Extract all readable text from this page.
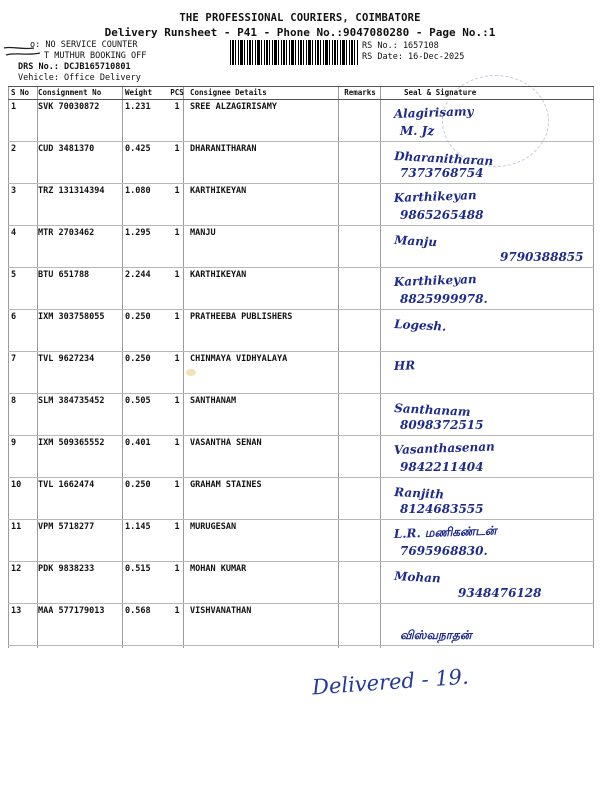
THE PROFESSIONAL COURIERS, COIMBATORE
Delivery Runsheet - P41 - Phone No.:9047080280 - Page No.:1
o: NO SERVICE COUNTER
T MUTHUR BOOKING OFF
DRS No.: DCJB165710801
Vehicle: Office Delivery
RS No.: 1657108
RS Date: 16-Dec-2025
S No	Consignment No	Weight	PCS Consignee Details	Remarks	Seal & Signature
1	SVK 70030872	1.231	1	SREE ALZAGIRISAMY	Alagirisamy
M. Jz
2	CUD 3481370	0.425	1	DHARANITHARAN
Dharanitharan
7373768754
3	TRZ 131314394	1.080	1	KARTHIKEYAN	Karthikeyan
9865265488
4	MTR 2703462	1.295	1	MANJU
Manju
9790388855
5	BTU 651788	2.244	1	KARTHIKEYAN	Karthikeyan
8825999978.
6	IXM 303758055	0.250	1	PRATHEEBA PUBLISHERS
Logesh.
7	TVL 9627234	0.250	1	CHINMAYA VIDHYALAYA	HR
8	SLM 384735452	0.505	1	SANTHANAM
Santhanam
8098372515
9	IXM 509365552	0.401	1	VASANTHA SENAN	Vasanthasenan
9842211404
10	TVL 1662474	0.250	1	GRAHAM STAINES
Ranjith
8124683555
11	VPM 5718277	1.145	1	MURUGESAN	L.R. மணிகண்டன்
7695968830.
12	PDK 9838233	0.515	1	MOHAN KUMAR
Mohan
9348476128
13	MAA 577179013	0.568	1	VISHVANATHAN
விஸ்வநாதன்
Delivered - 19.
